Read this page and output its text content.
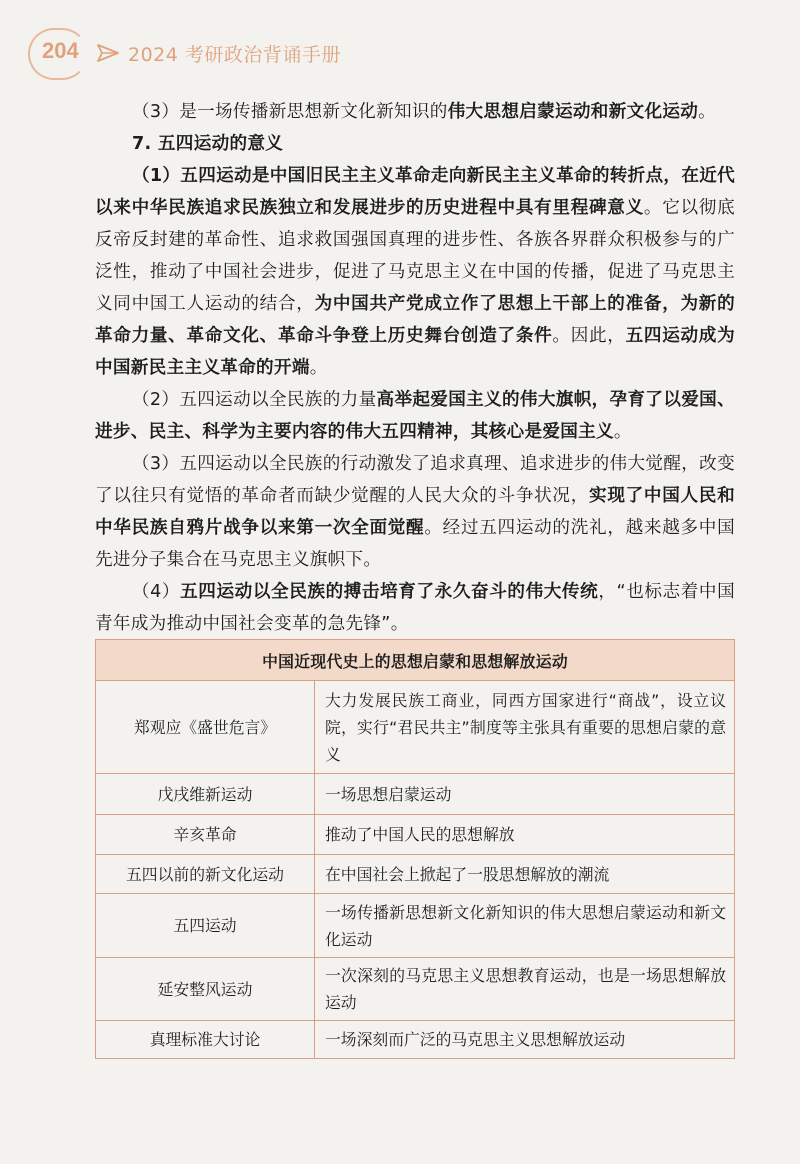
204	2024 考研政治背诵手册

（3）是一场传播新思想新文化新知识的伟大思想启蒙运动和新文化运动。

7. 五四运动的意义

（1）五四运动是中国旧民主主义革命走向新民主主义革命的转折点，在近代以来中华民族追求民族独立和发展进步的历史进程中具有里程碑意义。它以彻底反帝反封建的革命性、追求救国强国真理的进步性、各族各界群众积极参与的广泛性，推动了中国社会进步，促进了马克思主义在中国的传播，促进了马克思主义同中国工人运动的结合，为中国共产党成立作了思想上干部上的准备，为新的革命力量、革命文化、革命斗争登上历史舞台创造了条件。因此，五四运动成为中国新民主主义革命的开端。

（2）五四运动以全民族的力量高举起爱国主义的伟大旗帜，孕育了以爱国、进步、民主、科学为主要内容的伟大五四精神，其核心是爱国主义。

（3）五四运动以全民族的行动激发了追求真理、追求进步的伟大觉醒，改变了以往只有觉悟的革命者而缺少觉醒的人民大众的斗争状况，实现了中国人民和中华民族自鸦片战争以来第一次全面觉醒。经过五四运动的洗礼，越来越多中国先进分子集合在马克思主义旗帜下。

（4）五四运动以全民族的搏击培育了永久奋斗的伟大传统，“也标志着中国青年成为推动中国社会变革的急先锋”。

中国近现代史上的思想启蒙和思想解放运动	
郑观应《盛世危言》	大力发展民族工商业，同西方国家进行“商战”，设立议院，实行“君民共主”制度等主张具有重要的思想启蒙的意义
戊戌维新运动	一场思想启蒙运动
辛亥革命	推动了中国人民的思想解放
五四以前的新文化运动	在中国社会上掀起了一股思想解放的潮流
五四运动	一场传播新思想新文化新知识的伟大思想启蒙运动和新文化运动
延安整风运动	一次深刻的马克思主义思想教育运动，也是一场思想解放运动
真理标准大讨论	一场深刻而广泛的马克思主义思想解放运动
